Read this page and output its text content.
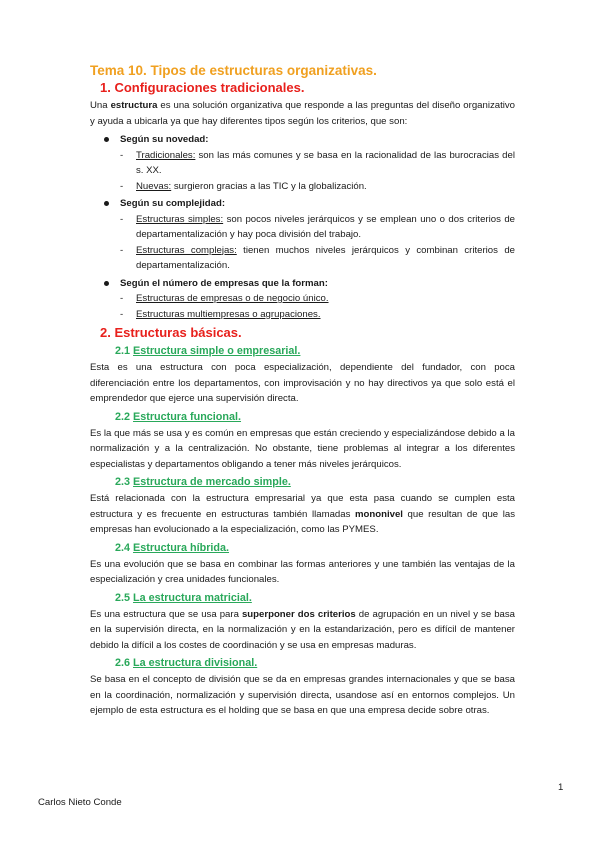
Tema 10. Tipos de estructuras organizativas.
1. Configuraciones tradicionales.

Una estructura es una solución organizativa que responde a las preguntas del diseño organizativo y ayuda a ubicarla ya que hay diferentes tipos según los criterios, que son:

Según su novedad:
- Tradicionales: son las más comunes y se basa en la racionalidad de las burocracias del s. XX.
- Nuevas: surgieron gracias a las TIC y la globalización.
Según su complejidad:
- Estructuras simples: son pocos niveles jerárquicos y se emplean uno o dos criterios de departamentalización y hay poca división del trabajo.
- Estructuras complejas: tienen muchos niveles jerárquicos y combinan criterios de departamentalización.
Según el número de empresas que la forman:
- Estructuras de empresas o de negocio único.
- Estructuras multiempresas o agrupaciones.
2. Estructuras básicas.
2.1 Estructura simple o empresarial.

Esta es una estructura con poca especialización, dependiente del fundador, con poca diferenciación entre los departamentos, con improvisación y no hay directivos ya que solo está el emprendedor que ejerce una supervisión directa.

2.2 Estructura funcional.

Es la que más se usa y es común en empresas que están creciendo y especializándose debido a la normalización y a la centralización. No obstante, tiene problemas al integrar a los diferentes especialistas y departamentos obligando a tener más niveles jerárquicos.

2.3 Estructura de mercado simple.

Está relacionada con la estructura empresarial ya que esta pasa cuando se cumplen esta estructura y es frecuente en estructuras también llamadas mononivel que resultan de que las empresas han evolucionado a la especialización, como las PYMES.

2.4 Estructura híbrida.

Es una evolución que se basa en combinar las formas anteriores y une también las ventajas de la especialización y crea unidades funcionales.

2.5 La estructura matricial.

Es una estructura que se usa para superponer dos criterios de agrupación en un nivel y se basa en la supervisión directa, en la normalización y en la estandarización, pero es difícil de mantener debido la difícil a los costes de coordinación y se usa en empresas maduras.

2.6 La estructura divisional.

Se basa en el concepto de división que se da en empresas grandes internacionales y que se basa en la coordinación, normalización y supervisión directa, usandose así en entornos complejos. Un ejemplo de esta estructura es el holding que se basa en que una empresa decide sobre otras.

1
Carlos Nieto Conde
